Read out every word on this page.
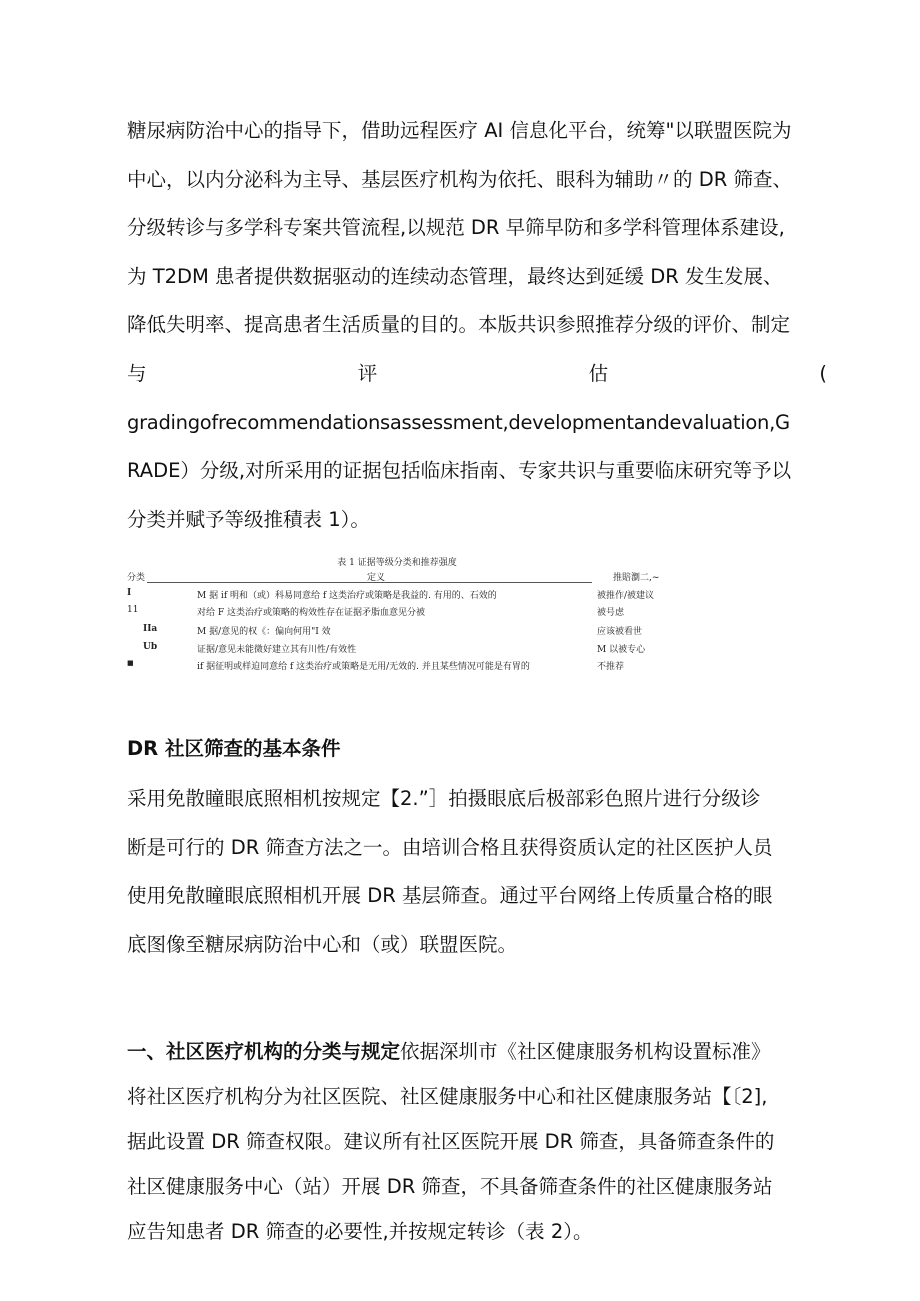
糖尿病防治中心的指导下，借助远程医疗 AI 信息化平台，统筹"以联盟医院为
中心，以内分泌科为主导、基层医疗机构为依托、眼科为辅助〃的 DR 筛查、
分级转诊与多学科专案共管流程,以规范 DR 早筛早防和多学科管理体系建设,
为 T2DM 患者提供数据驱动的连续动态管理，最终达到延缓 DR 发生发展、
降低失明率、提高患者生活质量的目的。本版共识参照推荐分级的评价、制定
与	评	估	(
gradingofrecommendationsassessment,developmentandevaluation,G
RADE）分级,对所采用的证据包括临床指南、专家共识与重要临床研究等予以
分类并赋予等级推積表 1）。
表 1 证据等级分类和推荐强度
分类	定义	推賠瀏二,~
I	M 据 if 明和（或）科易同意给 f 这类治疗或策略是我益的. 有用的、石效的	被推作/被建议
11	对给 F 这类治疗或策略的构效性存在证据矛脂血意见分被	被号虑
IIa	M 据/意见的权《：偏向何用"I 效	应该被看世
Ub	证据/意见未能微好建立其有川性/有效性	M 以被专心
■	if 据征明或样迫同意给 f 这类治疗或策略是无用/无效的. 并且某些情况可能是有胃的	不推荐
DR 社区筛查的基本条件
采用免散瞳眼底照相机按规定【2.”］拍摄眼底后极部彩色照片进行分级诊
断是可行的 DR 筛查方法之一。由培训合格且获得资质认定的社区医护人员
使用免散瞳眼底照相机开展 DR 基层筛查。通过平台网络上传质量合格的眼
底图像至糖尿病防治中心和（或）联盟医院。
一、社区医疗机构的分类与规定依据深圳市《社区健康服务机构设置标准》
将社区医疗机构分为社区医院、社区健康服务中心和社区健康服务站【〔2],
据此设置 DR 筛查权限。建议所有社区医院开展 DR 筛查，具备筛查条件的
社区健康服务中心（站）开展 DR 筛查，不具备筛查条件的社区健康服务站
应告知患者 DR 筛查的必要性,并按规定转诊（表 2）。
